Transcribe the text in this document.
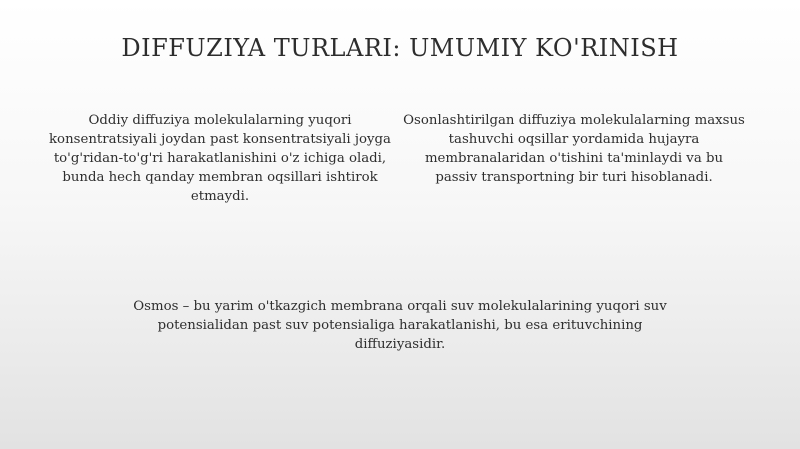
DIFFUZIYA TURLARI: UMUMIY KO'RINISH

Oddiy diffuziya molekulalarning yuqori konsentratsiyali joydan past konsentratsiyali joyga to'g'ridan-to'g'ri harakatlanishini o'z ichiga oladi, bunda hech qanday membran oqsillari ishtirok etmaydi.

Osonlashtirilgan diffuziya molekulalarning maxsus tashuvchi oqsillar yordamida hujayra membranalaridan o'tishini ta'minlaydi va bu passiv transportning bir turi hisoblanadi.

Osmos – bu yarim o'tkazgich membrana orqali suv molekulalarining yuqori suv potensialidan past suv potensialiga harakatlanishi, bu esa erituvchining diffuziyasidir.
